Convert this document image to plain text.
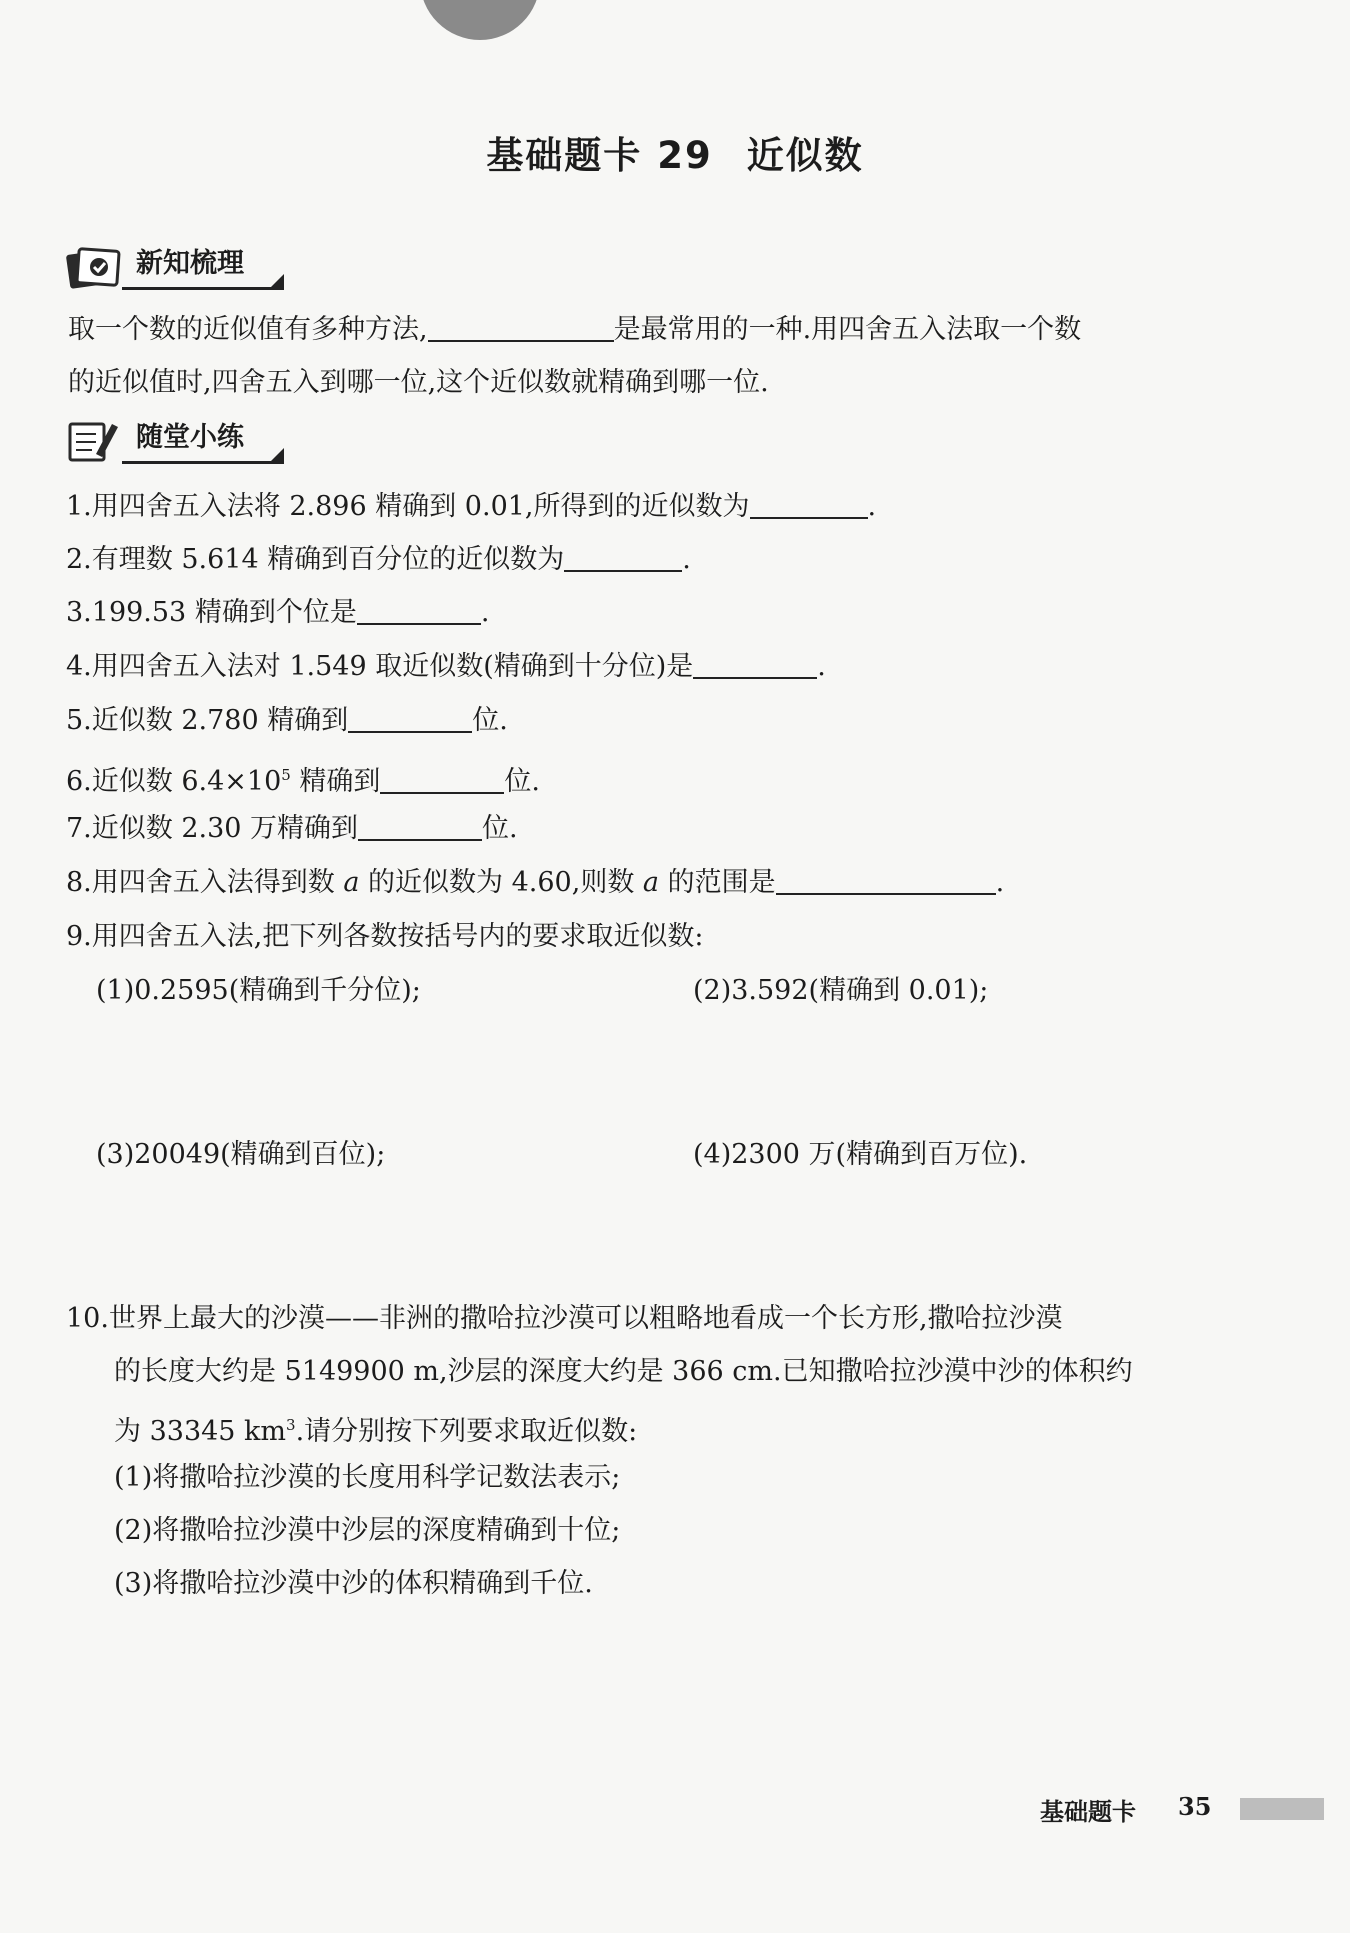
基础题卡 29 近似数
新知梳理
取一个数的近似值有多种方法,	是最常用的一种.用四舍五入法取一个数
的近似值时,四舍五入到哪一位,这个近似数就精确到哪一位.
随堂小练
1.用四舍五入法将 2.896 精确到 0.01,所得到的近似数为	.
2.有理数 5.614 精确到百分位的近似数为	.
3.199.53 精确到个位是	.
4.用四舍五入法对 1.549 取近似数(精确到十分位)是	.
5.近似数 2.780 精确到	位.
6.近似数 $6.4\times 10^5$ 精确到	位.
7.近似数 2.30 万精确到	位.
8.用四舍五入法得到数 a 的近似数为 4.60,则数 a 的范围是	.
9.用四舍五入法,把下列各数按括号内的要求取近似数:
(1)0.2595(精确到千分位);	(2)3.592(精确到 0.01);
(3)20049(精确到百位);	(4)2300 万(精确到百万位).
10.世界上最大的沙漠——非洲的撒哈拉沙漠可以粗略地看成一个长方形,撒哈拉沙漠
的长度大约是 5149900 m,沙层的深度大约是 366 cm.已知撒哈拉沙漠中沙的体积约
为 33345 $km^3$.请分别按下列要求取近似数:
(1)将撒哈拉沙漠的长度用科学记数法表示;
(2)将撒哈拉沙漠中沙层的深度精确到十位;
(3)将撒哈拉沙漠中沙的体积精确到千位.
基础题卡 35
